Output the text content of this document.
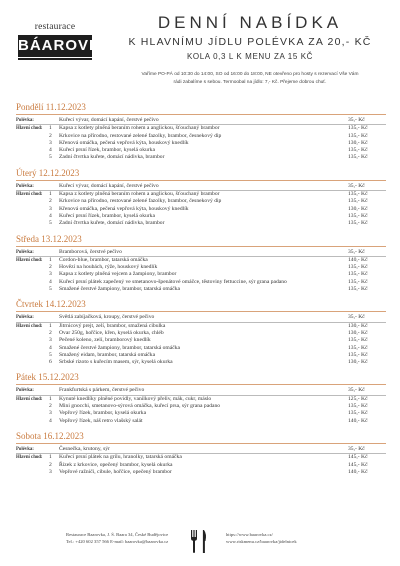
restaurace
BÁAROVKA
DENNÍ NABÍDKA
K HLAVNÍMU JÍDLU POLÉVKA ZA 20,- KČ
KOLA 0,3 L K MENU ZA 15 KČ
Vaříme PO-PÁ od 10:30 do 14:00, SO od 16:00 do 18:00, NE otevřeno pro hosty s rezervací Vše Vám
rádi zabalíme s sebou. Termoobal na jídlo: 7,- Kč. Přejeme dobrou chuť.
Pondělí 11.12.2023
Polévka:	Kuřecí vývar, domácí kapání, čerstvé pečivo	35,- Kč
Hlavní chod:	1	Kapsa z kotlety plněná beraním rohem a anglickou, šťouchaný brambor	135,- Kč
2	Krkovice na přírodno, restované zelené fazolky, brambor, česnekový dip	135,- Kč
3	Křenová omáčka, pečená vepřová kýta, houskový knedlík	130,- Kč
4	Kuřecí prsní řízek, brambor, kyselá okurka	135,- Kč
5	Zadní čtvrtka kuřete, domácí nádivka, brambor	135,- Kč
Úterý 12.12.2023
Polévka:	Kuřecí vývar, domácí kapání, čerstvé pečivo	35,- Kč
Hlavní chod:	1	Kapsa z kotlety plněná beraním rohem a anglickou, šťouchaný brambor	135,- Kč
2	Krkovice na přírodno, restované zelené fazolky, brambor, česnekový dip	135,- Kč
3	Křenová omáčka, pečená vepřová kýta, houskový knedlík	130,- Kč
4	Kuřecí prsní řízek, brambor, kyselá okurka	135,- Kč
5	Zadní čtvrtka kuřete, domácí nádivka, brambor	135,- Kč
Středa 13.12.2023
Polévka:	Bramborová, čerstvé pečivo	35,- Kč
Hlavní chod:	1	Cordon-blue, brambor, tatarská omáčka	140,- Kč
2	Hovězí na houbách, rýže, houskový knedlík	135,- Kč
3	Kapsa z kotlety plněná vejcem a žampiony, brambor	135,- Kč
4	Kuřecí prsní plátek zapečený ve smetanovo-špenátové omáčce, těstoviny fettuccine, sýr grana padano	135,- Kč
5	Smažené čerstvé žampiony, brambor, tatarská omáčka	135,- Kč
Čtvrtek 14.12.2023
Polévka:	Světlá zabíjačková, kroupy, čerstvé pečivo	35,- Kč
Hlavní chod:	1	Jitrnicový prejt, zelí, brambor, smažená cibulka	130,- Kč
2	Ovar 250g, hořčice, křen, kyselá okurka, chléb	130,- Kč
3	Pečené koleno, zelí, bramborový knedlík	135,- Kč
4	Smažené čerstvé žampiony, brambor, tatarská omáčka	135,- Kč
5	Smažený eidam, brambor, tatarská omáčka	135,- Kč
6	Srbské rizoto s kuřecím masem, sýr, kyselá okurka	130,- Kč
Pátek 15.12.2023
Polévka:	Frankfurtská s párkem, čerstvé pečivo	35,- Kč
Hlavní chod:	1	Kynuté knedlíky plněné povidly, vanilkový přeliv, mák, cukr, máslo	125,- Kč
2	Mini gnocchi, smetanovo-sýrová omáčka, kuřecí prsa, sýr grana padano	135,- Kč
3	Vepřový řízek, brambor, kyselá okurka	135,- Kč
4	Vepřový řízek, náš retro vlašský salát	140,- Kč
Sobota 16.12.2023
Polévka:	Česnečka, krutony, sýr	35,- Kč
Hlavní chod:	1	Kuřecí prsní plátek na grilu, hranolky, tatarská omáčka	145,- Kč
2	Řízek z krkovice, opečený brambor, kyselá okurka	145,- Kč
3	Vepřové ražniči, cibule, hořčice, opečený brambor	140,- Kč
Restaurace Baarovka, J. Š. Baara 34, České Budějovice
Tel.: +420 602 357 566 E-mail: baarovka@baarovka.cz
https://www.baarovka.cz/
www.riskmenu.cz/baarovka/jidelnicek
